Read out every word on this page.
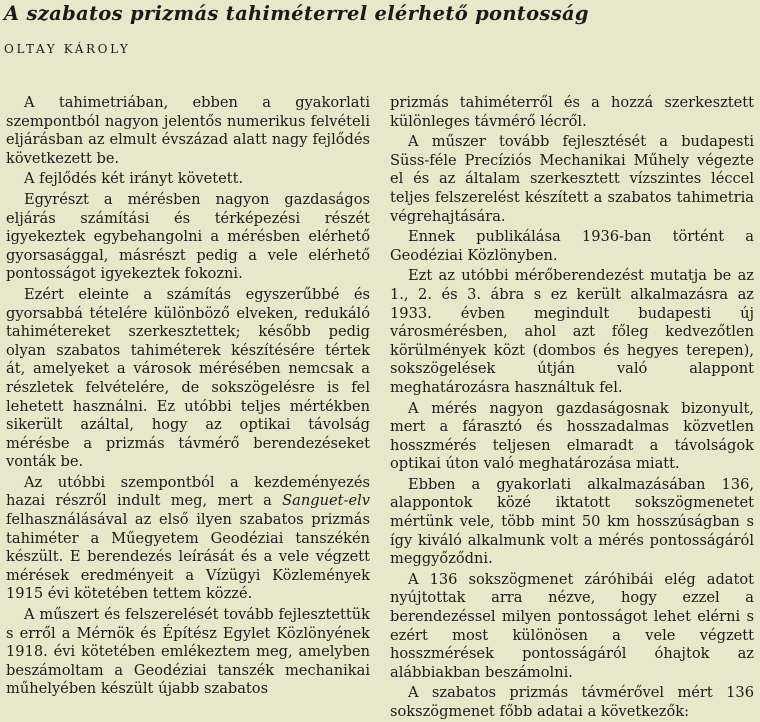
A szabatos prizmás tahiméterrel elérhető pontosság
OLTAY KÁROLY

A tahimetriában, ebben a gyakorlati szempontból nagyon jelentős numerikus felvételi eljárásban az elmult évszázad alatt nagy fejlődés következett be.

A fejlődés két irányt követett.

Egyrészt a mérésben nagyon gazdaságos eljárás számítási és térképezési részét igyekeztek egybehangolni a mérésben elérhető gyorsasággal, másrészt pedig a vele elérhető pontosságot igyekeztek fokozni.

Ezért eleinte a számítás egyszerűbbé és gyorsabbá tételére különböző elveken, redukáló tahimétereket szerkesztettek; később pedig olyan szabatos tahiméterek készítésére tértek át, amelyeket a városok mérésében nemcsak a részletek felvételére, de sokszögelésre is fel lehetett használni. Ez utóbbi teljes mértékben sikerült azáltal, hogy az optikai távolság mérésbe a prizmás távmérő berendezéseket vonták be.

Az utóbbi szempontból a kezdeményezés hazai részről indult meg, mert a Sanguet-elv felhasználásával az első ilyen szabatos prizmás tahiméter a Műegyetem Geodéziai tanszékén készült. E berendezés leírását és a vele végzett mérések eredményeit a Vízügyi Közlemények 1915 évi kötetében tettem közzé.

A műszert és felszerelését tovább fejlesztettük s erről a Mérnök és Építész Egylet Közlönyének 1918. évi kötetében emlékeztem meg, amelyben beszámoltam a Geodéziai tanszék mechanikai műhelyében készült újabb szabatos

prizmás tahiméterről és a hozzá szerkesztett különleges távmérő lécről.

A műszer tovább fejlesztését a budapesti Süss-féle Precíziós Mechanikai Műhely végezte el és az általam szerkesztett vízszintes léccel teljes felszerelést készített a szabatos tahimetria végrehajtására.

Ennek publikálása 1936-ban történt a Geodéziai Közlönyben.

Ezt az utóbbi mérőberendezést mutatja be az 1., 2. és 3. ábra s ez került alkalmazásra az 1933. évben megindult budapesti új városmérésben, ahol azt főleg kedvezőtlen körülmények közt (dombos és hegyes terepen), sokszögelések útján való alappont meghatározásra használtuk fel.

A mérés nagyon gazdaságosnak bizonyult, mert a fárasztó és hosszadalmas közvetlen hosszmérés teljesen elmaradt a távolságok optikai úton való meghatározása miatt.

Ebben a gyakorlati alkalmazásában 136, alappontok közé iktatott sokszögmenetet mértünk vele, több mint 50 km hosszúságban s így kiváló alkalmunk volt a mérés pontosságáról meggyőződni.

A 136 sokszögmenet záróhibái elég adatot nyújtottak arra nézve, hogy ezzel a berendezéssel milyen pontosságot lehet elérni s ezért most különösen a vele végzett hosszmérések pontosságáról óhajtok az alábbiakban beszámolni.

A szabatos prizmás távmérővel mért 136 sokszögmenet főbb adatai a következők:
